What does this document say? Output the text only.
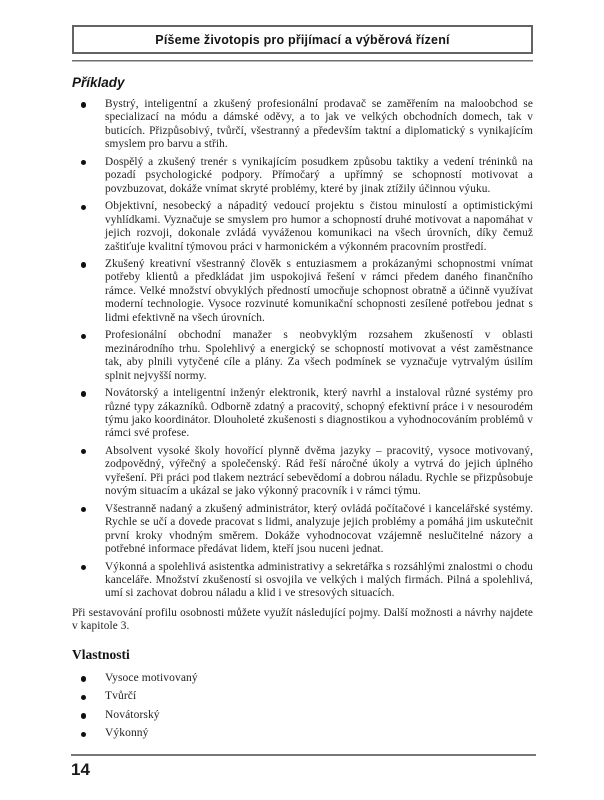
Píšeme životopis pro přijímací a výběrová řízení
Příklady
Bystrý, inteligentní a zkušený profesionální prodavač se zaměřením na maloobchod se specializací na módu a dámské oděvy, a to jak ve velkých obchodních domech, tak v buticích. Přizpůsobivý, tvůrčí, všestranný a především taktní a diplomatický s vynikajícím smyslem pro barvu a střih.
Dospělý a zkušený trenér s vynikajícím posudkem způsobu taktiky a vedení tréninků na pozadí psychologické podpory. Přímočarý a upřímný se schopností motivovat a povzbuzovat, dokáže vnímat skryté problémy, které by jinak ztížily účinnou výuku.
Objektivní, nesobecký a nápaditý vedoucí projektu s čistou minulostí a optimistickými vyhlídkami. Vyznačuje se smyslem pro humor a schopností druhé motivovat a napomáhat v jejich rozvoji, dokonale zvládá vyváženou komunikaci na všech úrovních, díky čemuž zaštiťuje kvalitní týmovou práci v harmonickém a výkonném pracovním prostředí.
Zkušený kreativní všestranný člověk s entuziasmem a prokázanými schopnostmi vnímat potřeby klientů a předkládat jim uspokojivá řešení v rámci předem daného finančního rámce. Velké množství obvyklých předností umocňuje schopnost obratně a účinně využívat moderní technologie. Vysoce rozvinuté komunikační schopnosti zesílené potřebou jednat s lidmi efektivně na všech úrovních.
Profesionální obchodní manažer s neobvyklým rozsahem zkušeností v oblasti mezinárodního trhu. Spolehlivý a energický se schopností motivovat a vést zaměstnance tak, aby plnili vytyčené cíle a plány. Za všech podmínek se vyznačuje vytrvalým úsilím splnit nejvyšší normy.
Novátorský a inteligentní inženýr elektronik, který navrhl a instaloval různé systémy pro různé typy zákazníků. Odborně zdatný a pracovitý, schopný efektivní práce i v nesourodém týmu jako koordinátor. Dlouholeté zkušenosti s diagnostikou a vyhodnocováním problémů v rámci své profese.
Absolvent vysoké školy hovořící plynně dvěma jazyky – pracovitý, vysoce motivovaný, zodpovědný, výřečný a společenský. Rád řeší náročné úkoly a vytrvá do jejich úplného vyřešení. Při práci pod tlakem neztrácí sebevědomí a dobrou náladu. Rychle se přizpůsobuje novým situacím a ukázal se jako výkonný pracovník i v rámci týmu.
Všestranně nadaný a zkušený administrátor, který ovládá počítačové i kancelářské systémy. Rychle se učí a dovede pracovat s lidmi, analyzuje jejich problémy a pomáhá jim uskutečnit první kroky vhodným směrem. Dokáže vyhodnocovat vzájemně neslučitelné názory a potřebné informace předávat lidem, kteří jsou nuceni jednat.
Výkonná a spolehlivá asistentka administrativy a sekretářka s rozsáhlými znalostmi o chodu kanceláře. Množství zkušeností si osvojila ve velkých i malých firmách. Pilná a spolehlivá, umí si zachovat dobrou náladu a klid i ve stresových situacích.

Při sestavování profilu osobnosti můžete využít následující pojmy. Další možnosti a návrhy najdete v kapitole 3.

Vlastnosti
Vysoce motivovaný
Tvůrčí
Novátorský
Výkonný
14
